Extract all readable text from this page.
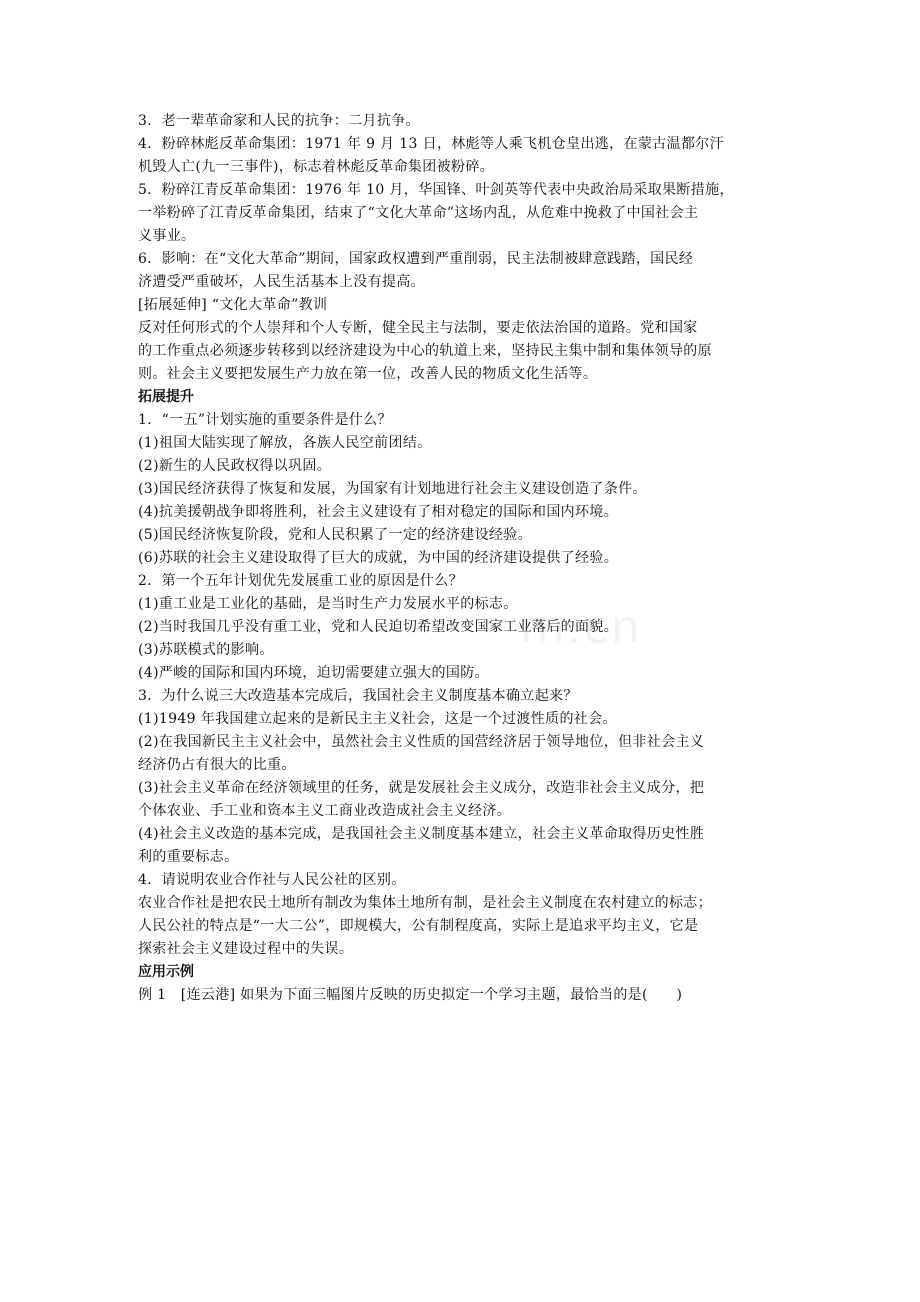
m.cn
3．老一辈革命家和人民的抗争：二月抗争。
4．粉碎林彪反革命集团：1971 年 9 月 13 日，林彪等人乘飞机仓皇出逃，在蒙古温都尔汗
机毁人亡(九一三事件)，标志着林彪反革命集团被粉碎。
5．粉碎江青反革命集团：1976 年 10 月，华国锋、叶剑英等代表中央政治局采取果断措施，
一举粉碎了江青反革命集团，结束了“文化大革命”这场内乱，从危难中挽救了中国社会主
义事业。
6．影响：在“文化大革命”期间，国家政权遭到严重削弱，民主法制被肆意践踏，国民经
济遭受严重破坏，人民生活基本上没有提高。
[拓展延伸] “文化大革命”教训
反对任何形式的个人崇拜和个人专断，健全民主与法制，要走依法治国的道路。党和国家
的工作重点必须逐步转移到以经济建设为中心的轨道上来，坚持民主集中制和集体领导的原
则。社会主义要把发展生产力放在第一位，改善人民的物质文化生活等。
拓展提升
1．“一五”计划实施的重要条件是什么？
(1)祖国大陆实现了解放，各族人民空前团结。
(2)新生的人民政权得以巩固。
(3)国民经济获得了恢复和发展，为国家有计划地进行社会主义建设创造了条件。
(4)抗美援朝战争即将胜利，社会主义建设有了相对稳定的国际和国内环境。
(5)国民经济恢复阶段，党和人民积累了一定的经济建设经验。
(6)苏联的社会主义建设取得了巨大的成就，为中国的经济建设提供了经验。
2．第一个五年计划优先发展重工业的原因是什么？
(1)重工业是工业化的基础，是当时生产力发展水平的标志。
(2)当时我国几乎没有重工业，党和人民迫切希望改变国家工业落后的面貌。
(3)苏联模式的影响。
(4)严峻的国际和国内环境，迫切需要建立强大的国防。
3．为什么说三大改造基本完成后，我国社会主义制度基本确立起来？
(1)1949 年我国建立起来的是新民主主义社会，这是一个过渡性质的社会。
(2)在我国新民主主义社会中，虽然社会主义性质的国营经济居于领导地位，但非社会主义
经济仍占有很大的比重。
(3)社会主义革命在经济领域里的任务，就是发展社会主义成分，改造非社会主义成分，把
个体农业、手工业和资本主义工商业改造成社会主义经济。
(4)社会主义改造的基本完成，是我国社会主义制度基本建立，社会主义革命取得历史性胜
利的重要标志。
4．请说明农业合作社与人民公社的区别。
农业合作社是把农民土地所有制改为集体土地所有制，是社会主义制度在农村建立的标志；
人民公社的特点是“一大二公”，即规模大，公有制程度高，实际上是追求平均主义，它是
探索社会主义建设过程中的失误。
应用示例
例 1　[连云港] 如果为下面三幅图片反映的历史拟定一个学习主题，最恰当的是(　　)
